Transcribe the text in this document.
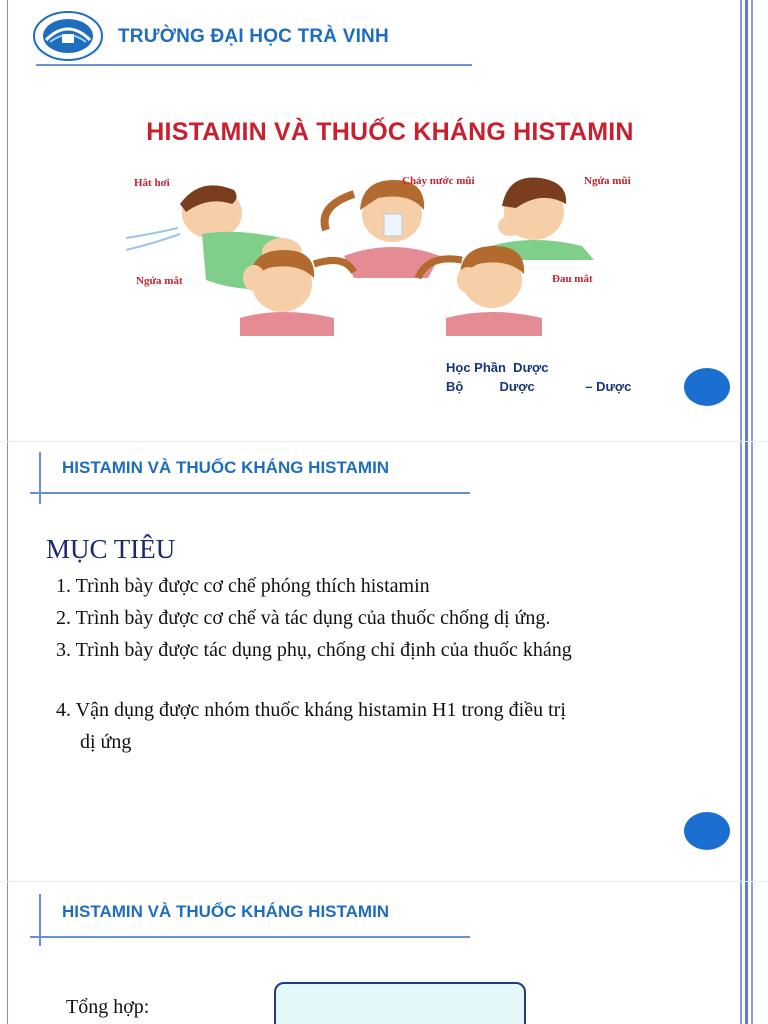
TRƯỜNG ĐẠI HỌC TRÀ VINH
HISTAMIN VÀ THUỐC KHÁNG HISTAMIN
Hắt hơi	Chảy nước mũi	Ngứa mũi
Ngứa mắt	Đau mắt
Học Phần  Dược
Bộ          Dược              – Dược
HISTAMIN VÀ THUỐC KHÁNG HISTAMIN
MỤC TIÊU
1. Trình bày được cơ chế phóng thích histamin
2. Trình bày được cơ chế và tác dụng của thuốc chống dị ứng.
3. Trình bày được tác dụng phụ, chống chỉ định của thuốc kháng
4. Vận dụng được nhóm thuốc kháng histamin H1 trong điều trị
dị ứng
HISTAMIN VÀ THUỐC KHÁNG HISTAMIN
Tổng hợp:
